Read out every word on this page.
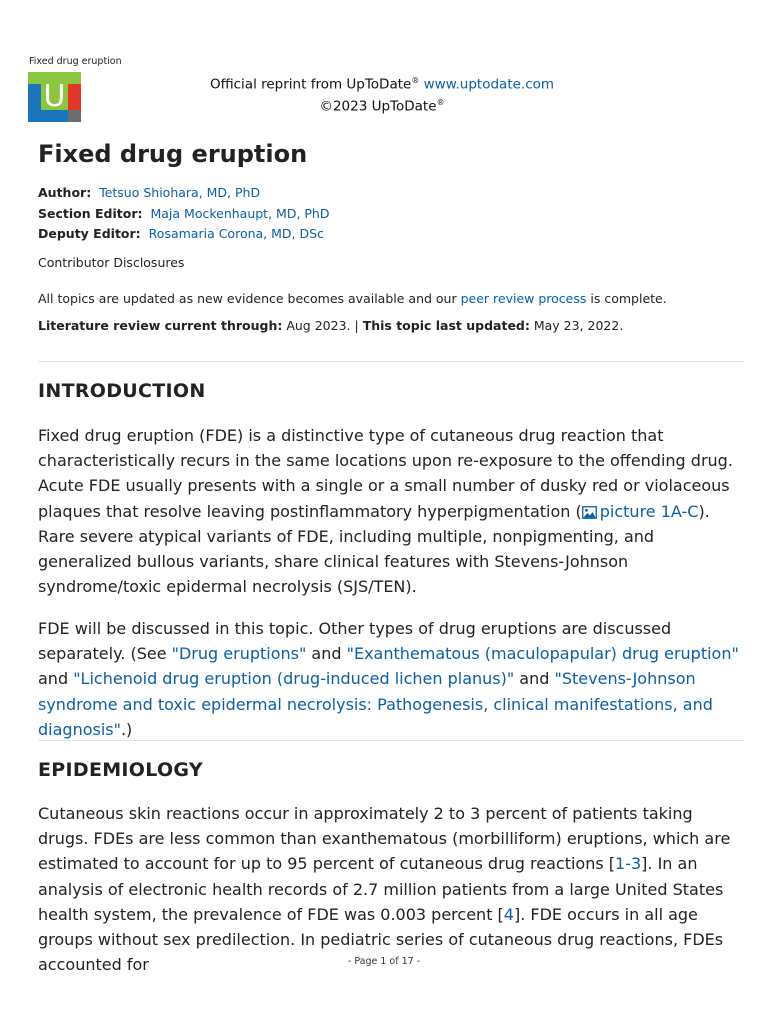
Fixed drug eruption
U	Official reprint from UpToDate® www.uptodate.com
©2023 UpToDate®
Fixed drug eruption
Author: Tetsuo Shiohara, MD, PhD
Section Editor: Maja Mockenhaupt, MD, PhD
Deputy Editor: Rosamaria Corona, MD, DSc
Contributor Disclosures
All topics are updated as new evidence becomes available and our peer review process is complete.
Literature review current through: Aug 2023. | This topic last updated: May 23, 2022.
INTRODUCTION

Fixed drug eruption (FDE) is a distinctive type of cutaneous drug reaction that characteristically recurs in the same locations upon re-exposure to the offending drug. Acute FDE usually presents with a single or a small number of dusky red or violaceous plaques that resolve leaving postinflammatory hyperpigmentation ( picture 1A-C). Rare severe atypical variants of FDE, including multiple, nonpigmenting, and generalized bullous variants, share clinical features with Stevens-Johnson syndrome/toxic epidermal necrolysis (SJS/TEN).

FDE will be discussed in this topic. Other types of drug eruptions are discussed separately. (See "Drug eruptions" and "Exanthematous (maculopapular) drug eruption" and "Lichenoid drug eruption (drug-induced lichen planus)" and "Stevens-Johnson syndrome and toxic epidermal necrolysis: Pathogenesis, clinical manifestations, and diagnosis".)

EPIDEMIOLOGY

Cutaneous skin reactions occur in approximately 2 to 3 percent of patients taking drugs. FDEs are less common than exanthematous (morbilliform) eruptions, which are estimated to account for up to 95 percent of cutaneous drug reactions [1-3]. In an analysis of electronic health records of 2.7 million patients from a large United States health system, the prevalence of FDE was 0.003 percent [4]. FDE occurs in all age groups without sex predilection. In pediatric series of cutaneous drug reactions, FDEs accounted for	- Page 1 of 17 -
